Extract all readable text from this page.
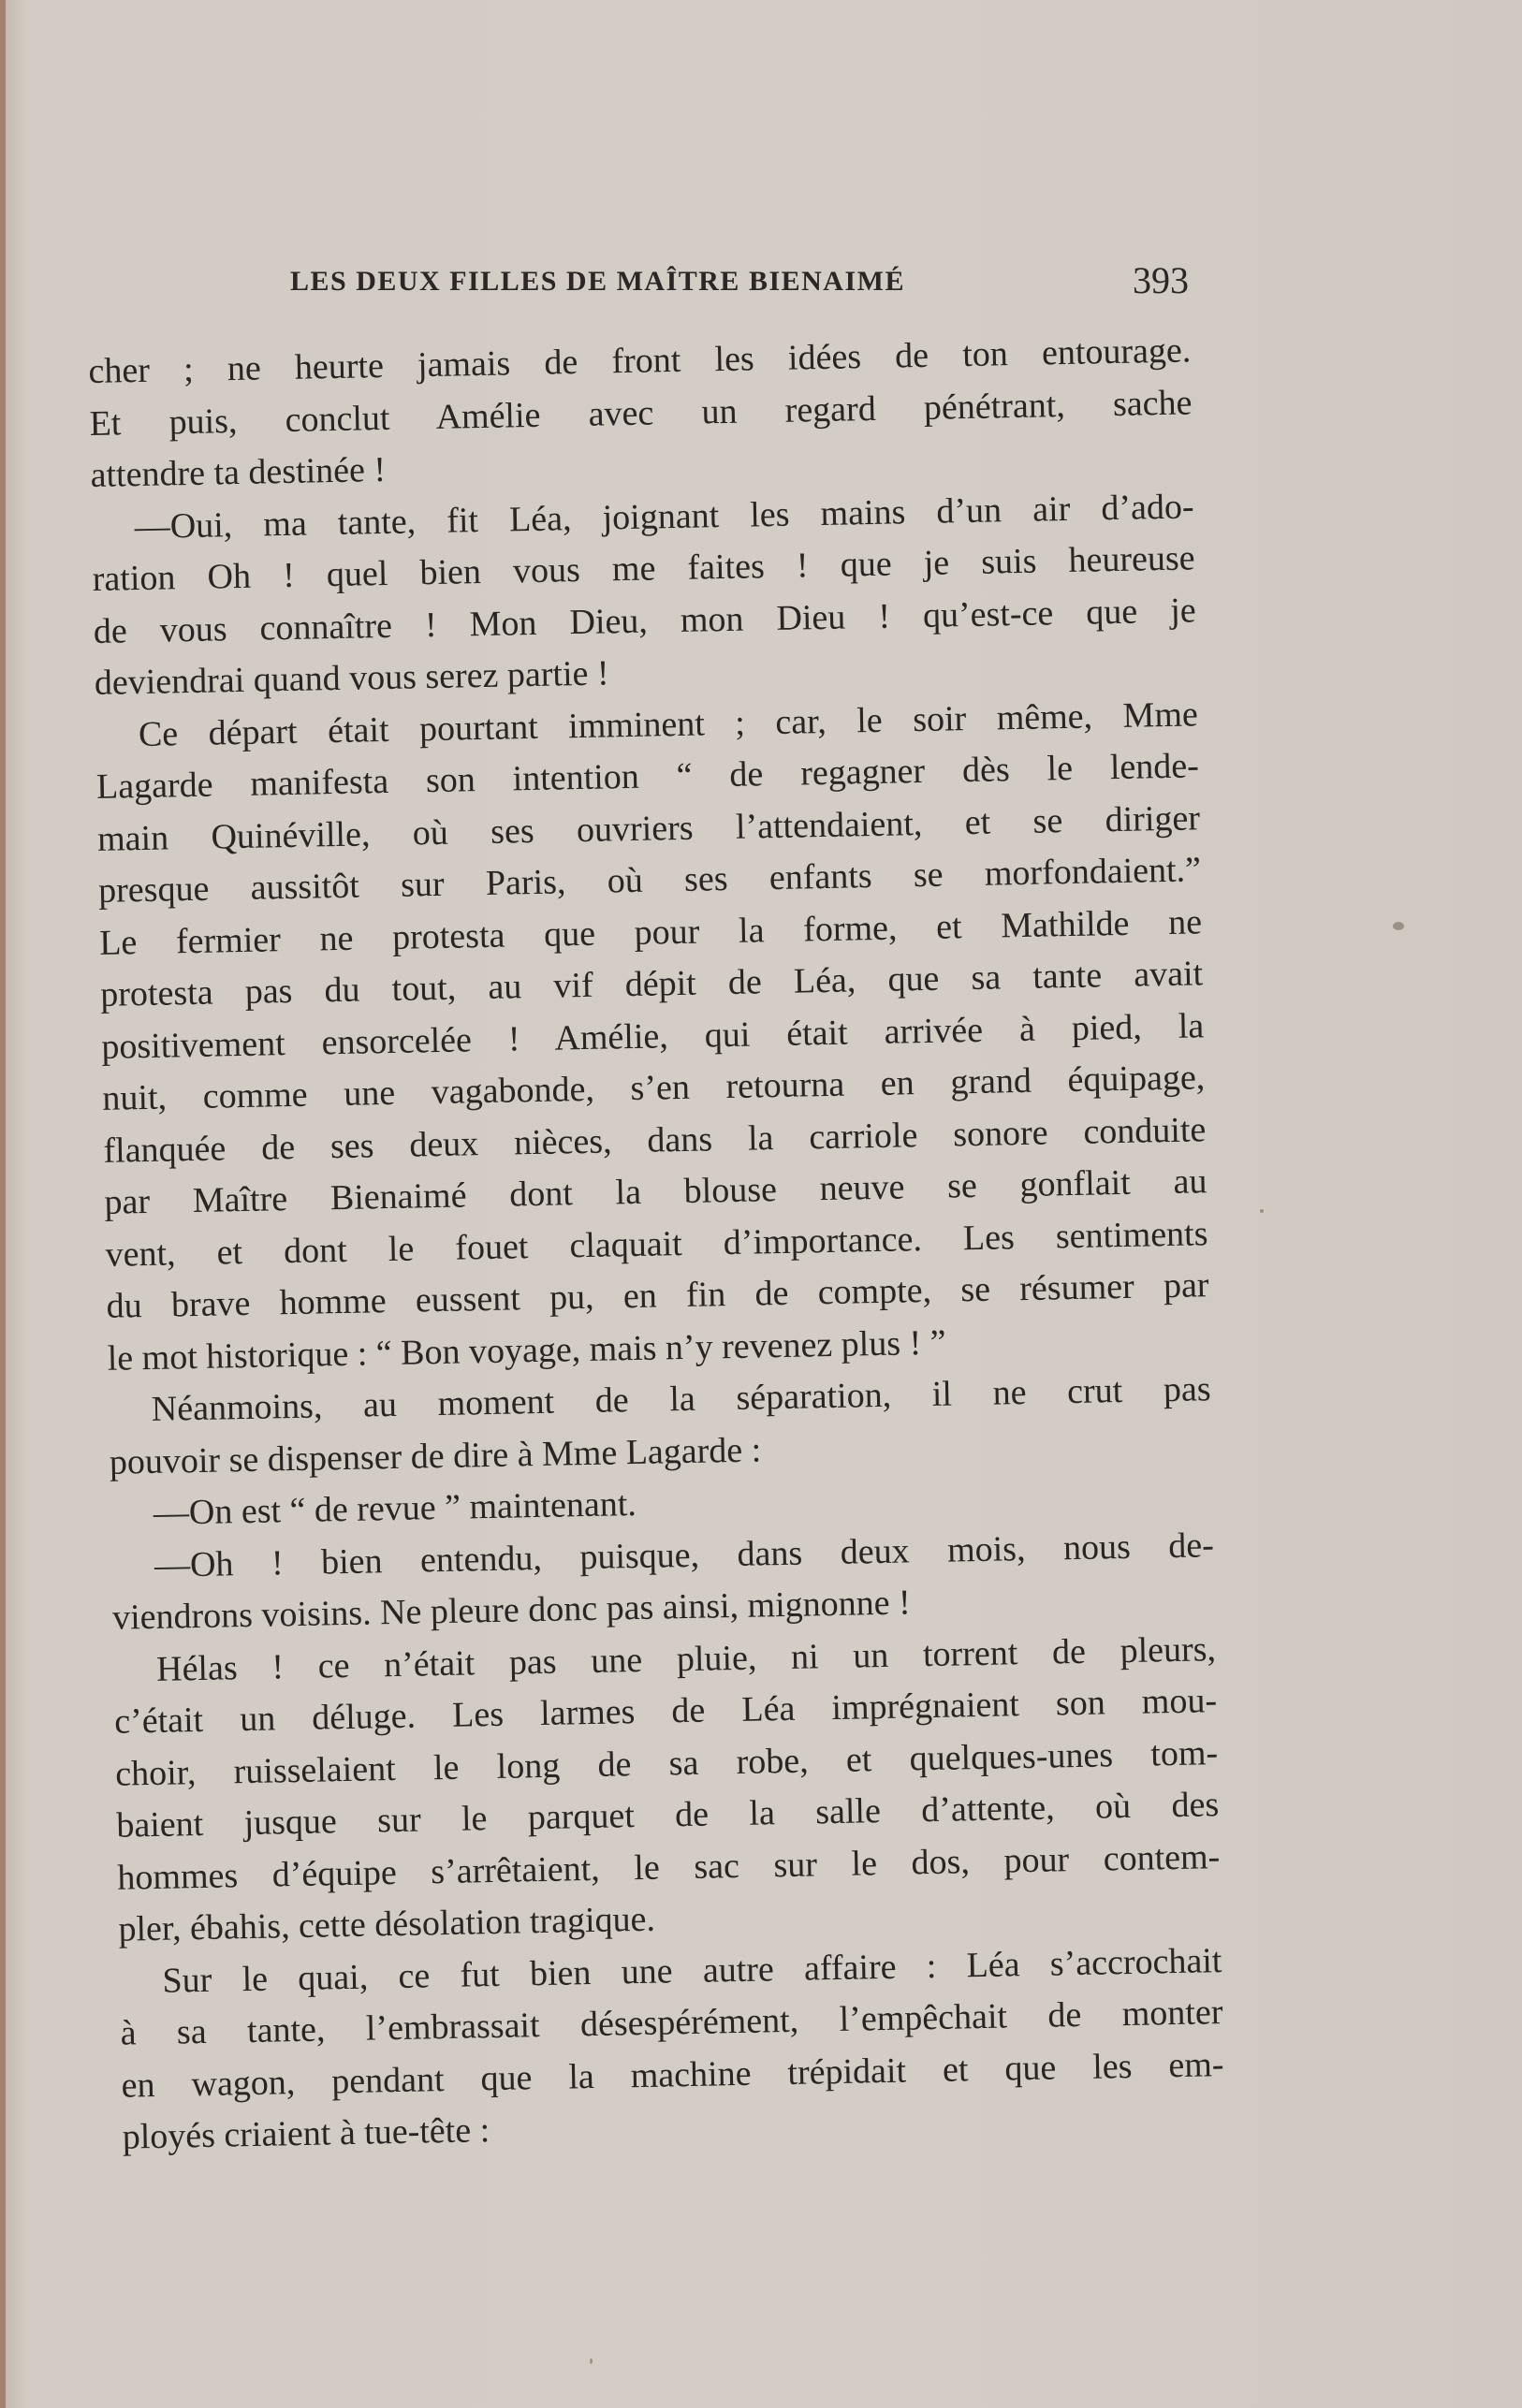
LES DEUX FILLES DE MAÎTRE BIENAIMÉ	393
cher ; ne heurte jamais de front les idées de ton entourage.
Et puis, conclut Amélie avec un regard pénétrant, sache
attendre ta destinée !
—Oui, ma tante, fit Léa, joignant les mains d’un air d’ado-
ration Oh ! quel bien vous me faites ! que je suis heureuse
de vous connaître ! Mon Dieu, mon Dieu ! qu’est-ce que je
deviendrai quand vous serez partie !
Ce départ était pourtant imminent ; car, le soir même, Mme
Lagarde manifesta son intention “ de regagner dès le lende-
main Quinéville, où ses ouvriers l’attendaient, et se diriger
presque aussitôt sur Paris, où ses enfants se morfondaient.”
Le fermier ne protesta que pour la forme, et Mathilde ne
protesta pas du tout, au vif dépit de Léa, que sa tante avait
positivement ensorcelée ! Amélie, qui était arrivée à pied, la
nuit, comme une vagabonde, s’en retourna en grand équipage,
flanquée de ses deux nièces, dans la carriole sonore conduite
par Maître Bienaimé dont la blouse neuve se gonflait au
vent, et dont le fouet claquait d’importance. Les sentiments
du brave homme eussent pu, en fin de compte, se résumer par
le mot historique : “ Bon voyage, mais n’y revenez plus ! ”
Néanmoins, au moment de la séparation, il ne crut pas
pouvoir se dispenser de dire à Mme Lagarde :
—On est “ de revue ” maintenant.
—Oh ! bien entendu, puisque, dans deux mois, nous de-
viendrons voisins. Ne pleure donc pas ainsi, mignonne !
Hélas ! ce n’était pas une pluie, ni un torrent de pleurs,
c’était un déluge. Les larmes de Léa imprégnaient son mou-
choir, ruisselaient le long de sa robe, et quelques-unes tom-
baient jusque sur le parquet de la salle d’attente, où des
hommes d’équipe s’arrêtaient, le sac sur le dos, pour contem-
pler, ébahis, cette désolation tragique.
Sur le quai, ce fut bien une autre affaire : Léa s’accrochait
à sa tante, l’embrassait désespérément, l’empêchait de monter
en wagon, pendant que la machine trépidait et que les em-
ployés criaient à tue-tête :
